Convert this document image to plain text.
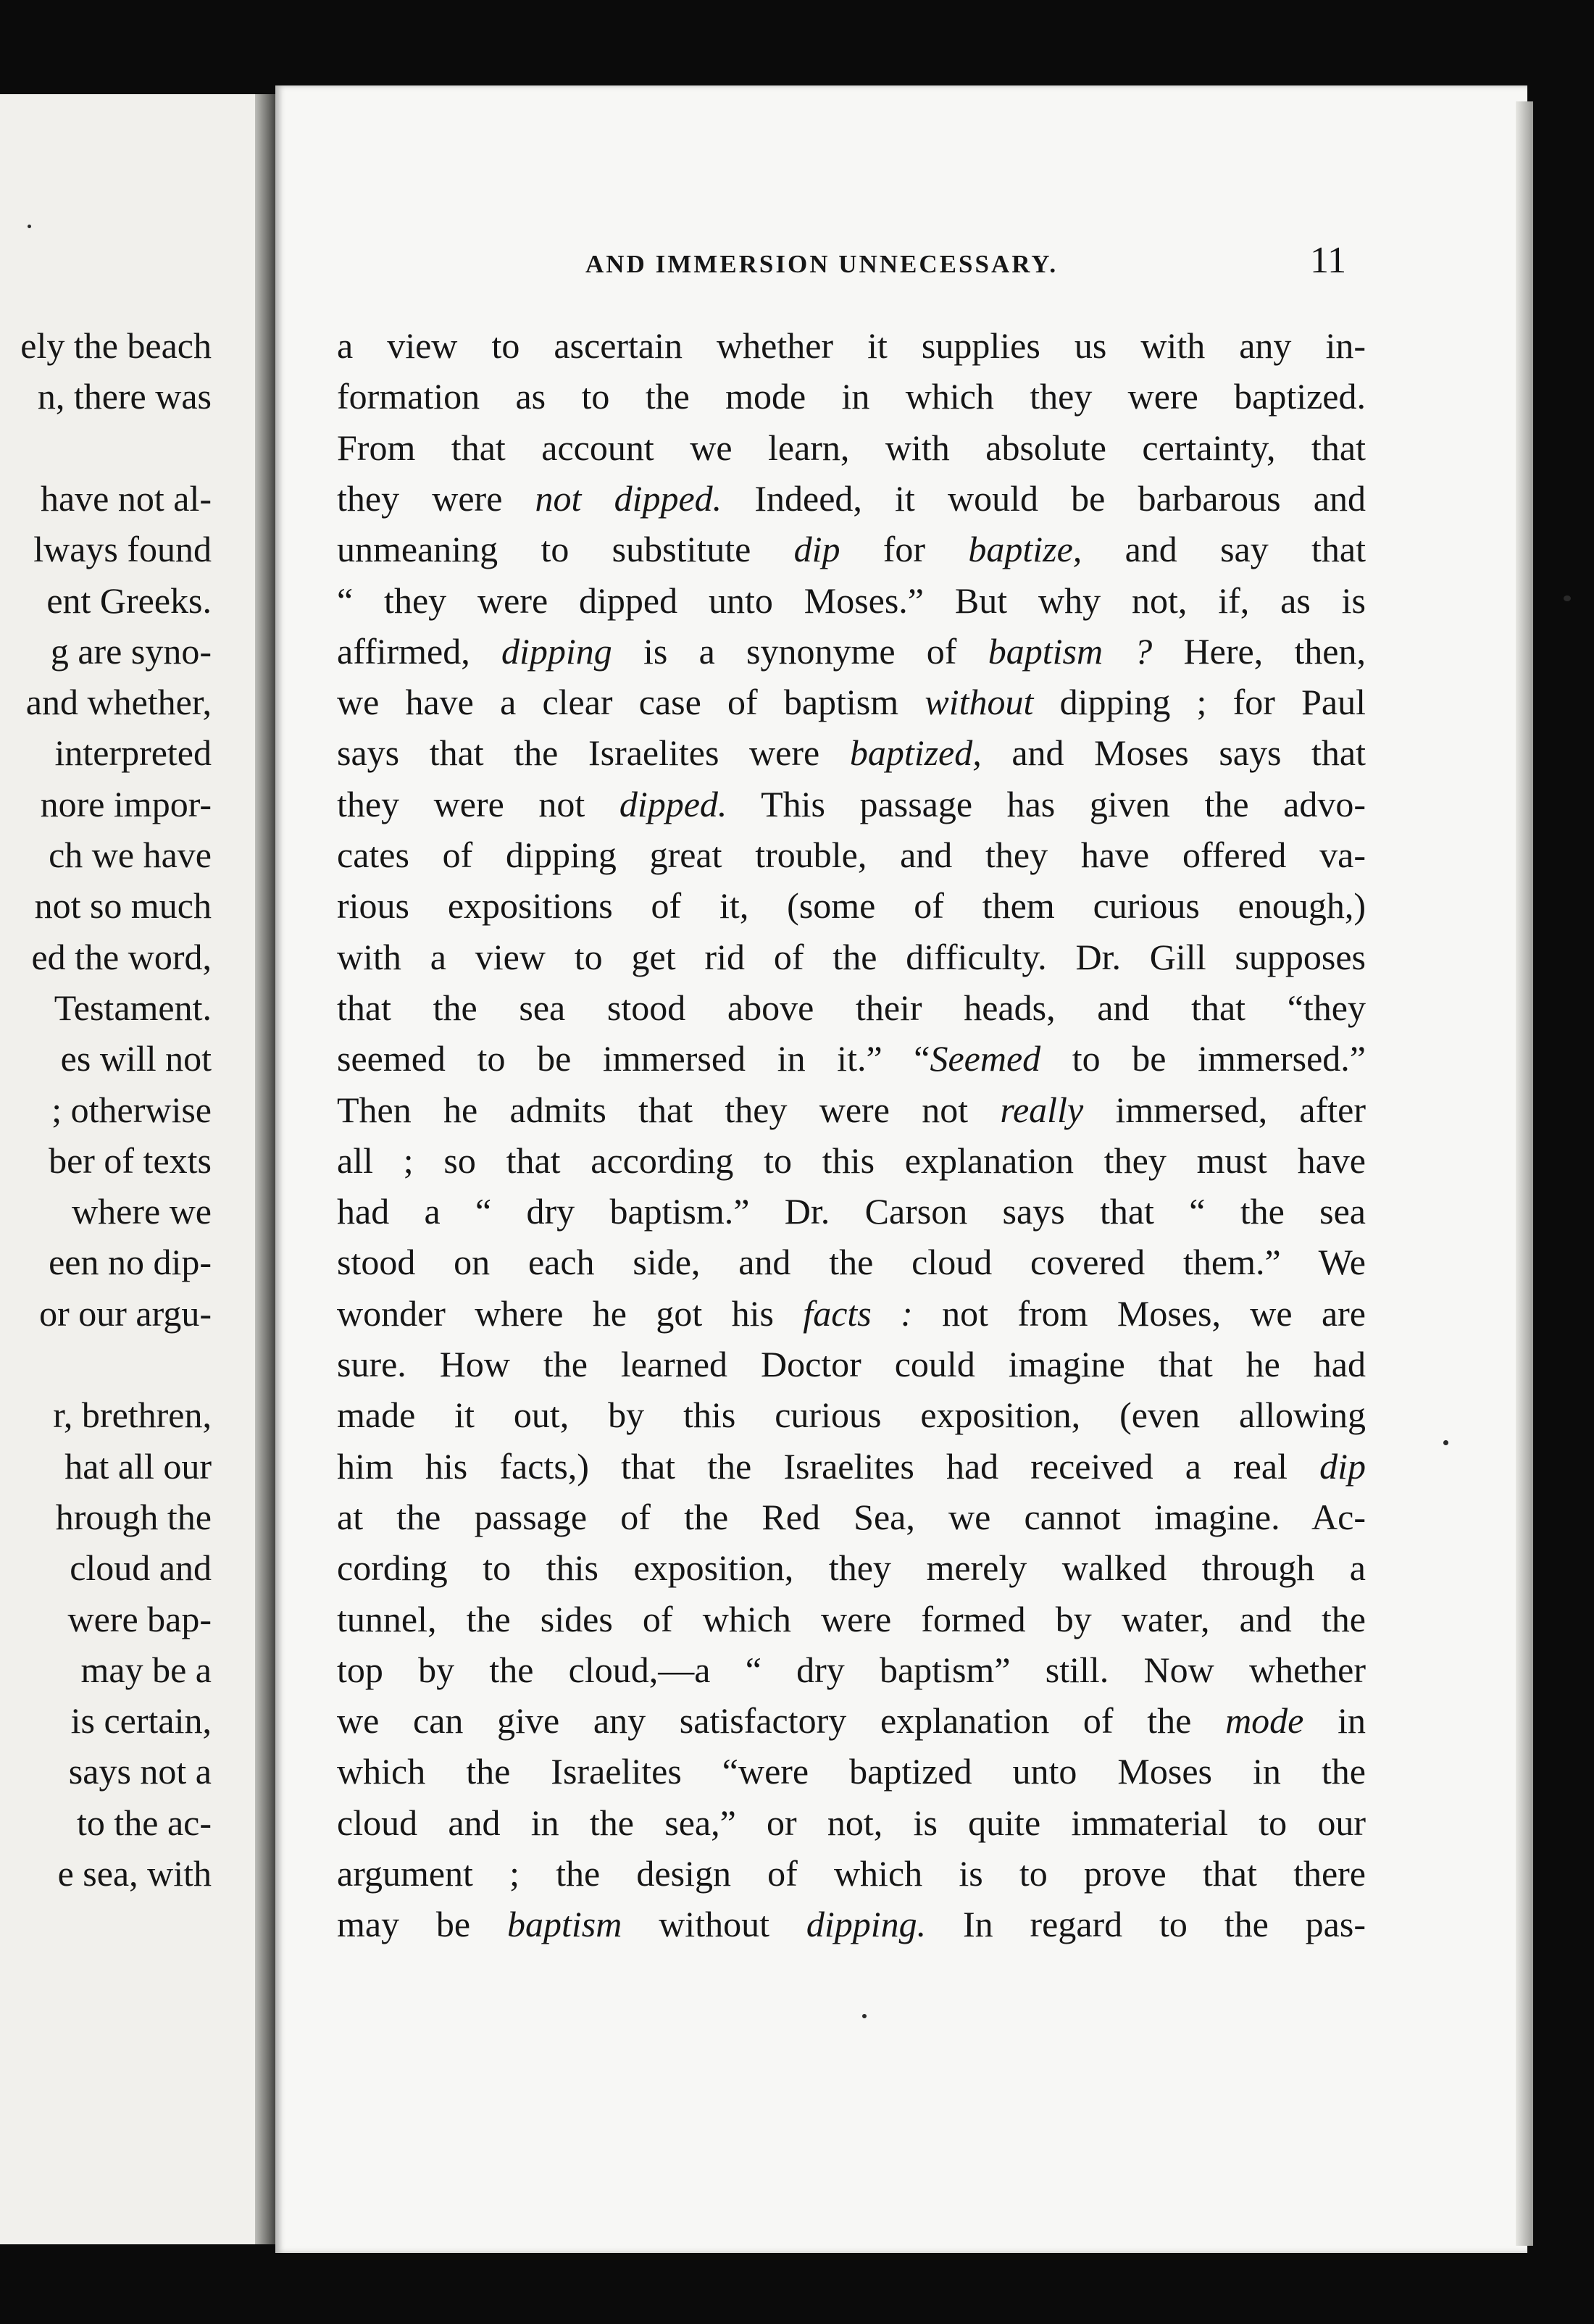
AND IMMERSION UNNECESSARY.	11
ely the beach
n, there was
have not al-
lways found
ent Greeks.
g are syno-
and whether,
interpreted
nore impor-
ch we have
not so much
ed the word,
Testament.
es will not
; otherwise
ber of texts
where we
een no dip-
or our argu-
r, brethren,
hat all our
hrough the
cloud and
were bap-
may be a
is certain,
says not a
to the ac-
e sea, with
a view to ascertain whether it supplies us with any in-
formation as to the mode in which they were baptized.
From that account we learn, with absolute certainty, that
they were not dipped. Indeed, it would be barbarous and
unmeaning to substitute dip for baptize, and say that
“ they were dipped unto Moses.” But why not, if, as is
affirmed, dipping is a synonyme of baptism ? Here, then,
we have a clear case of baptism without dipping ; for Paul
says that the Israelites were baptized, and Moses says that
they were not dipped. This passage has given the advo-
cates of dipping great trouble, and they have offered va-
rious expositions of it, (some of them curious enough,)
with a view to get rid of the difficulty. Dr. Gill supposes
that the sea stood above their heads, and that “they
seemed to be immersed in it.” “Seemed to be immersed.”
Then he admits that they were not really immersed, after
all ; so that according to this explanation they must have
had a “ dry baptism.” Dr. Carson says that “ the sea
stood on each side, and the cloud covered them.” We
wonder where he got his facts : not from Moses, we are
sure. How the learned Doctor could imagine that he had
made it out, by this curious exposition, (even allowing
him his facts,) that the Israelites had received a real dip
at the passage of the Red Sea, we cannot imagine. Ac-
cording to this exposition, they merely walked through a
tunnel, the sides of which were formed by water, and the
top by the cloud,—a “ dry baptism” still. Now whether
we can give any satisfactory explanation of the mode in
which the Israelites “were baptized unto Moses in the
cloud and in the sea,” or not, is quite immaterial to our
argument ; the design of which is to prove that there
may be baptism without dipping. In regard to the pas-
